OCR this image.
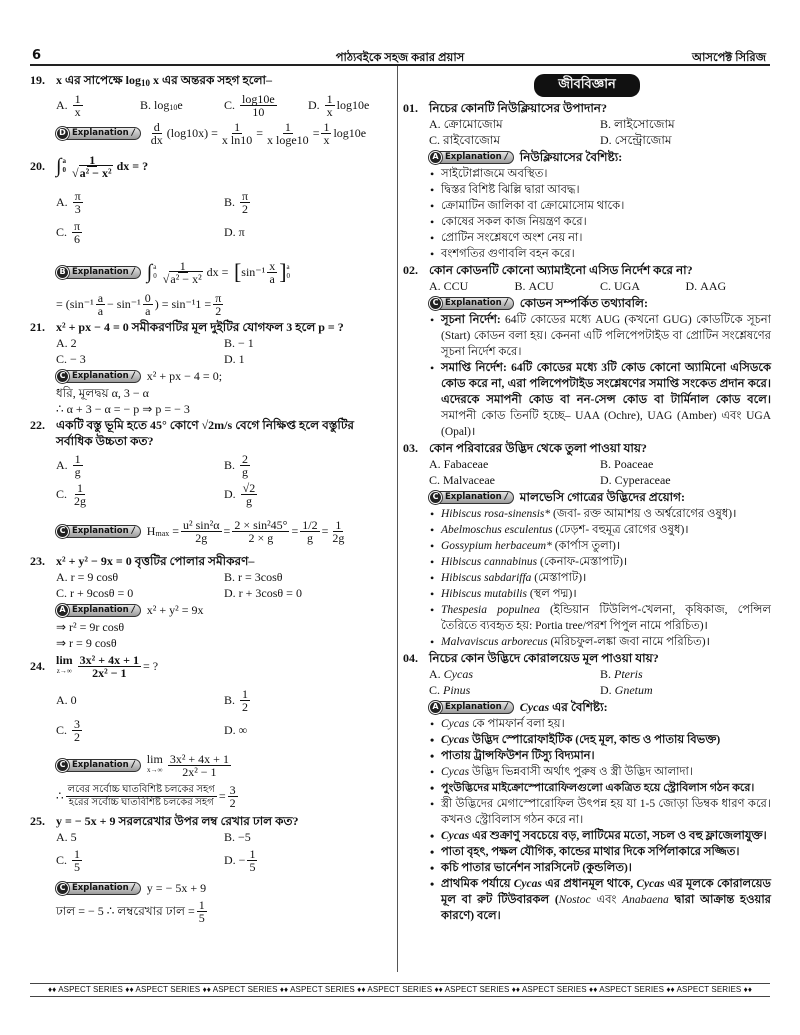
6	পাঠ্যবইকে সহজ করার প্রয়াস	আসপেক্ট সিরিজ
19. x এর সাপেক্ষে
$\log_{10}$
x এর অন্তরক সহগ হলো–
A. $\frac{1}{x}$	B. $\log_{10} e$	C. $\frac{\log 10e}{10}$	D. $\frac{1}{x} \log 10e$
D Explanation / $\frac{d}{dx} (\log 10x) = \frac{1}{\text{x ln10}} = \frac{1}{\text{x loge10}} = \frac{1}{x} \log 10e$
20. ∫ a
$0 \frac{1}{\text{√a² − x²}}$ dx = ?
A. $\frac{\pi}{3}$	B. $\frac{\pi}{2}$
C. $\frac{\pi}{6}$	D. π
B Explanation / ∫ a
$0 \frac{1}{\text{√a² − x²}}$ dx = [ $\sin^{-1} \frac{x}{a}$ ] a
0
= ($\sin^{-1} \frac{a}{a} - \sin^{-1} \frac{0}{a}$ ) = $\sin^{-1}1 = \frac{\pi}{2}$
21. x² + px − 4 = 0 সমীকরণটির মূল দুইটির যোগফল 3 হলে p = ?
A. 2	B. − 1
C. − 3	D. 1
C Explanation / x² + px − 4 = 0;
ধরি, মূলদ্বয় α, 3 − α
∴ α + 3 − α = − p ⇒ p = − 3
22. একটি বস্তু ভূমি হতে 45° কোণে √2m/s বেগে নিক্ষিপ্ত হলে বস্তুটির সর্বাধিক উচ্চতা কত?
A. $\frac{1}{g}$	B. $\frac{2}{g}$
C. $\frac{1}{2g}$	D. $\frac{√2}{g}$
C Explanation / $H_{max}$
= $\frac{\text{u² sin²α}}{2g} = \frac{\text{2 × sin²45°}}{2 \times g} = \frac{1/2}{g} = \frac{1}{2g}$
23. x² + y² − 9x = 0 বৃত্তটির পোলার সমীকরণ–
A. r = 9 cosθ	B. r = 3cosθ
C. r + 9cosθ = 0	D. r + 3cosθ = 0
A Explanation / x² + y² = 9x
⇒ r² = 9r cosθ
⇒ r = 9 cosθ
24. lim
$z\to\infty \frac{\text{3x² + 4x + 1}}{\text{2x² − 1}}$ = ?
A. 0	B. $\frac{1}{2}$
C. $\frac{3}{2}$	D. ∞
C Explanation / lim
$x\to\infty \frac{\text{3x² + 4x + 1}}{\text{2x² − 1}}$
∴ $\frac{\text{লবের সর্বোচ্চ ঘাতবিশিষ্ট চলকের সহগ}}{\text{হরের সর্বোচ্চ ঘাতবিশিষ্ট চলকের সহগ}} = \frac{3}{2}$
25. y = − 5x + 9 সরলরেখার উপর লম্ব রেখার ঢাল কত?
A. 5	B. −5
C. $\frac{1}{5}$	D. − $\frac{1}{5}$
C Explanation / y = − 5x + 9
ঢাল = − 5 ∴ লম্বরেখার ঢাল = $\frac{1}{5}$
জীববিজ্ঞান
01. নিচের কোনটি নিউক্লিয়াসের উপাদান?
A. ক্রোমোজোম	B. লাইসোজোম
C. রাইবোজোম	D. সেন্ট্রোজোম
A Explanation / নিউক্লিয়াসের বৈশিষ্ট্য:
• সাইটোপ্লাজমে অবস্থিত।
• দ্বিস্তর বিশিষ্ট ঝিল্লি দ্বারা আবদ্ধ।
• ক্রোমাটিন জালিকা বা ক্রোমোসোম থাকে।
• কোষের সকল কাজ নিয়ন্ত্রণ করে।
• প্রোটিন সংশ্লেষণে অংশ নেয় না।
• বংশগতির গুণাবলি বহন করে।
02. কোন কোডনটি কোনো অ্যামাইনো এসিড নির্দেশ করে না?
A. CCU	B. ACU	C. UGA	D. AAG
C Explanation / কোডন সম্পর্কিত তথ্যাবলি:
• সূচনা নির্দেশ: 64টি কোডের মধ্যে AUG (কখনো GUG) কোডটিকে সূচনা (Start) কোডন বলা হয়। কেননা এটি পলিপেপটাইড বা প্রোটিন সংশ্লেষণের সূচনা নির্দেশ করে।
• সমাপ্তি নির্দেশ: 64টি কোডের মধ্যে 3টি কোড কোনো অ্যামিনো এসিডকে কোড করে না, এরা পলিপেপটাইড সংশ্লেষণের সমাপ্তি সংকেত প্রদান করে। এদেরকে সমাপনী কোড বা নন-সেন্স কোড বা টার্মিনাল কোড বলে। সমাপনী কোড তিনটি হচ্ছে– UAA (Ochre), UAG (Amber) এবং UGA (Opal)।
03. কোন পরিবারের উদ্ভিদ থেকে তুলা পাওয়া যায়?
A. Fabaceae	B. Poaceae
C. Malvaceae	D. Cyperaceae
C Explanation / মালভেসি গোত্রের উদ্ভিদের প্রয়োগ:
• Hibiscus rosa-sinensis* (জবা- রক্ত আমাশয় ও অর্শ্বরোগের ওষুধ)।
• Abelmoschus esculentus (ঢেড়শ- বহুমূত্র রোগের ওষুধ)।
• Gossypium herbaceum* (কার্পাস তুলা)।
• Hibiscus cannabinus (কেনাফ-মেস্তাপাট)।
• Hibiscus sabdariffa (মেস্তাপাট)।
• Hibiscus mutabilis (স্থল পদ্ম)।
• Thespesia populnea (ইন্ডিয়ান টিউলিপ-খেলনা, কৃষিকাজ, পেন্সিল তৈরিতে ব্যবহৃত হয়: Portia tree/পরশ পিপুল নামে পরিচিত)।
• Malvaviscus arborecus (মরিচফুল-লঙ্কা জবা নামে পরিচিত)।
04. নিচের কোন উদ্ভিদে কোরালয়েড মূল পাওয়া যায়?
A. Cycas	B. Pteris
C. Pinus	D. Gnetum
A Explanation / Cycas এর বৈশিষ্ট্য:
• Cycas কে পামফার্ন বলা হয়।
• Cycas উদ্ভিদ স্পোরোফাইটিক (দেহ মূল, কান্ড ও পাতায় বিভক্ত)
• পাতায় ট্রান্সফিউশন টিস্যু বিদ্যমান।
• Cycas উদ্ভিদ ভিন্নবাসী অর্থাৎ পুরুষ ও স্ত্রী উদ্ভিদ আলাদা।
• পুংউদ্ভিদের মাইক্রোস্পোরোফিলগুলো একত্রিত হয়ে স্ট্রোবিলাস গঠন করে।
• স্ত্রী উদ্ভিদের মেগাস্পোরোফিল উৎপন্ন হয় যা 1-5 জোড়া ডিম্বক ধারণ করে। কখনও স্ট্রোবিলাস গঠন করে না।
• Cycas এর শুক্রাণু সবচেয়ে বড়, লাটিমের মতো, সচল ও বহু ফ্লাজেলাযুক্ত।
• পাতা বৃহৎ, পক্ষল যৌগিক, কান্ডের মাথার দিকে সর্পিলাকারে সজ্জিত।
• কচি পাতার ভার্নেশন সারসিনেট (কুন্ডলিত)।
• প্রাথমিক পর্যায়ে Cycas এর প্রধানমূল থাকে, Cycas এর মূলকে কোরালয়েড মূল বা রুট টিউবারকল (Nostoc এবং Anabaena দ্বারা আক্রান্ত হওয়ার কারণে) বলে।
♦♦ ASPECT SERIES ♦♦ ASPECT SERIES ♦♦ ASPECT SERIES ♦♦ ASPECT SERIES ♦♦ ASPECT SERIES ♦♦ ASPECT SERIES ♦♦ ASPECT SERIES ♦♦ ASPECT SERIES ♦♦ ASPECT SERIES ♦♦
